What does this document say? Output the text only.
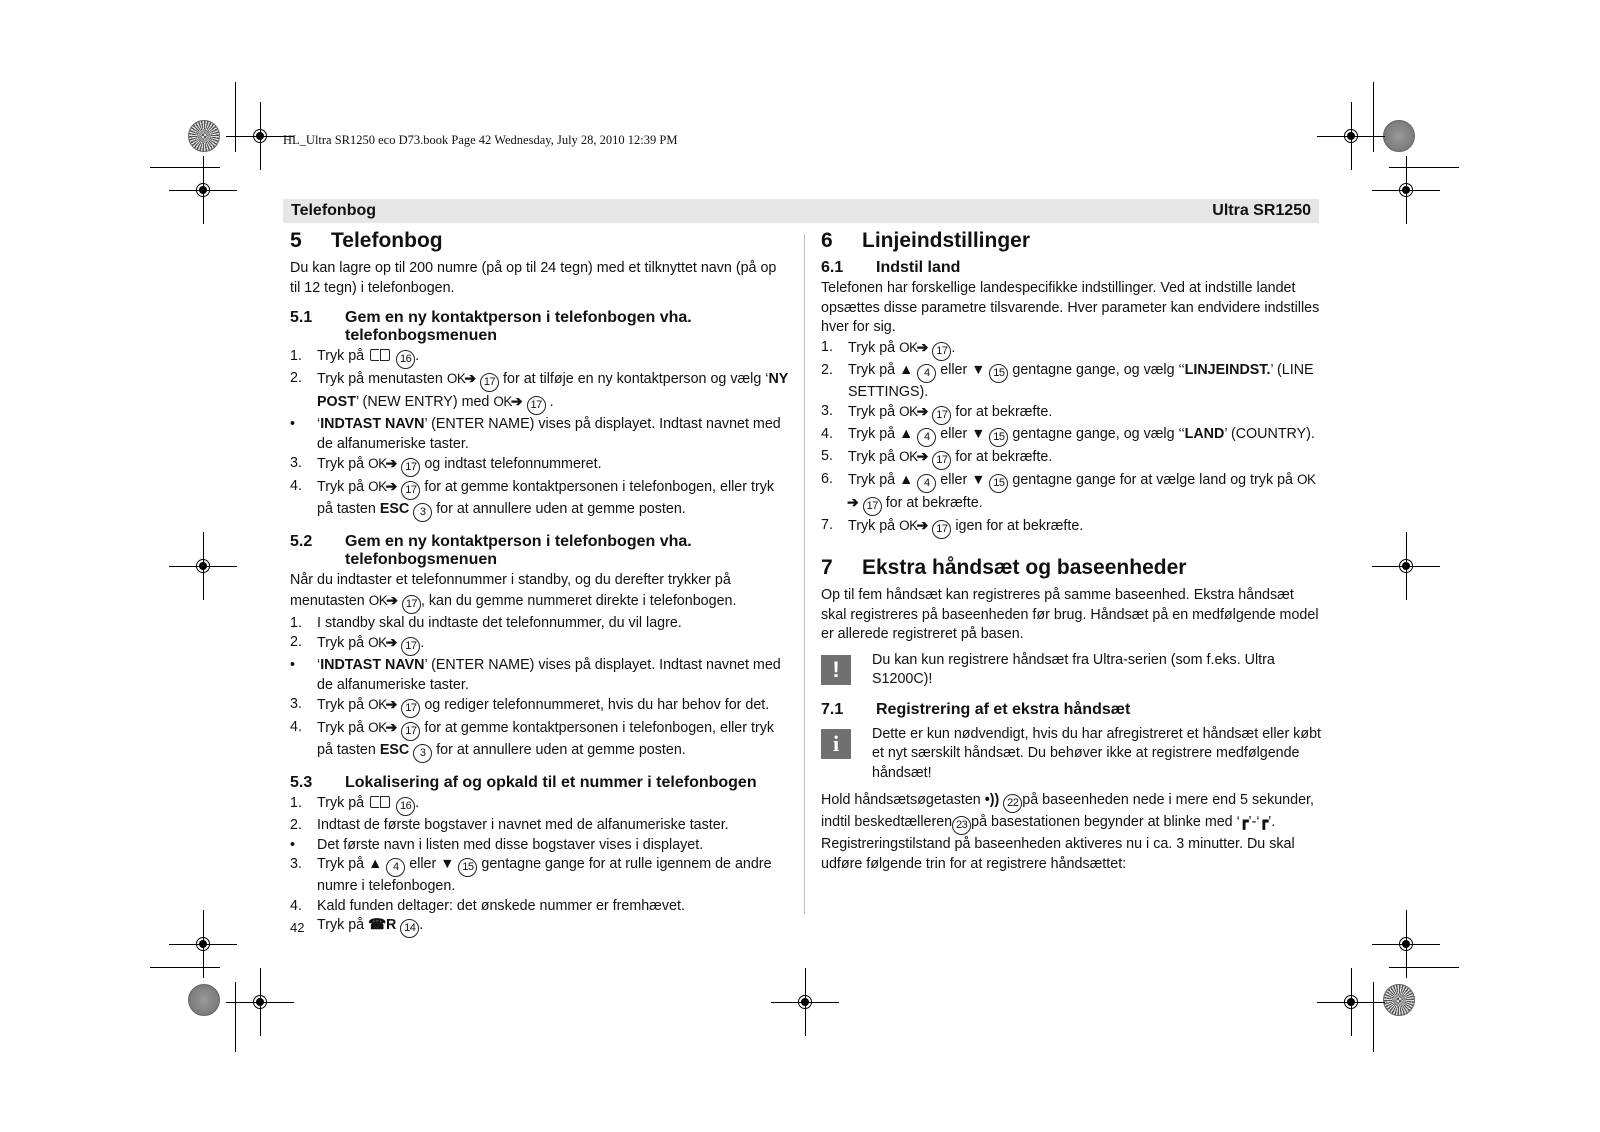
HL_Ultra SR1250 eco D73.book Page 42 Wednesday, July 28, 2010 12:39 PM
Telefonbog	Ultra SR1250
5 Telefonbog

Du kan lagre op til 200 numre (på op til 24 tegn) med et tilknyttet navn (på op til 12 tegn) i telefonbogen.

5.1	Gem en ny kontaktperson i telefonbogen vha. telefonbogsmenuen
1.	Tryk på	16 .
2.	Tryk på menutasten OK➔ 17 for at tilføje en ny kontaktperson og vælg ‘NY POST’ (NEW ENTRY) med OK➔ 17 .
•	‘INDTAST NAVN’ (ENTER NAME) vises på displayet. Indtast navnet med de alfanumeriske taster.
3.	Tryk på OK➔ 17 og indtast telefonnummeret.
4.	Tryk på OK➔ 17 for at gemme kontaktpersonen i telefonbogen, eller tryk på tasten ESC 3 for at annullere uden at gemme posten.
5.2	Gem en ny kontaktperson i telefonbogen vha. telefonbogsmenuen

Når du indtaster et telefonnummer i standby, og du derefter trykker på menutasten OK➔ 17 , kan du gemme nummeret direkte i telefonbogen.

1.	I standby skal du indtaste det telefonnummer, du vil lagre.
2.	Tryk på OK➔ 17 .
•	‘INDTAST NAVN’ (ENTER NAME) vises på displayet. Indtast navnet med de alfanumeriske taster.
3.	Tryk på OK➔ 17 og rediger telefonnummeret, hvis du har behov for det.
4.	Tryk på OK➔ 17 for at gemme kontaktpersonen i telefonbogen, eller tryk på tasten ESC 3 for at annullere uden at gemme posten.
5.3	Lokalisering af og opkald til et nummer i telefonbogen
1.	Tryk på	16 .
2.	Indtast de første bogstaver i navnet med de alfanumeriske taster.
•	Det første navn i listen med disse bogstaver vises i displayet.
3.	Tryk på ▲ 4 eller ▼ 15 gentagne gange for at rulle igennem de andre numre i telefonbogen.
4.	Kald funden deltager: det ønskede nummer er fremhævet.
Tryk på ☎R 14 .
42
6 Linjeindstillinger
6.1	Indstil land

Telefonen har forskellige landespecifikke indstillinger. Ved at indstille landet opsættes disse parametre tilsvarende. Hver parameter kan endvidere indstilles hver for sig.

1.	Tryk på OK➔ 17 .
2.	Tryk på ▲ 4 eller ▼ 15 gentagne gange, og vælg ‘‘LINJEINDST.’ (LINE SETTINGS).
3.	Tryk på OK➔ 17 for at bekræfte.
4.	Tryk på ▲ 4 eller ▼ 15 gentagne gange, og vælg ‘‘LAND’ (COUNTRY).
5.	Tryk på OK➔ 17 for at bekræfte.
6.	Tryk på ▲ 4 eller ▼ 15 gentagne gange for at vælge land og tryk på OK➔ 17 for at bekræfte.
7.	Tryk på OK➔ 17 igen for at bekræfte.
7 Ekstra håndsæt og baseenheder

Op til fem håndsæt kan registreres på samme baseenhed. Ekstra håndsæt skal registreres på baseenheden før brug. Håndsæt på en medfølgende model er allerede registreret på basen.

!	Du kan kun registrere håndsæt fra Ultra-serien (som f.eks. Ultra S1200C)!
7.1	Registrering af et ekstra håndsæt
i	Dette er kun nødvendigt, hvis du har afregistreret et håndsæt eller købt et nyt særskilt håndsæt. Du behøver ikke at registrere medfølgende håndsæt!

Hold håndsætsøgetasten •)) 22 på baseenheden nede i mere end 5 sekunder, indtil beskedtælleren 23 på basestationen begynder at blinke med ‘┏’-‘┏’.

Registreringstilstand på baseenheden aktiveres nu i ca. 3 minutter. Du skal udføre følgende trin for at registrere håndsættet:
